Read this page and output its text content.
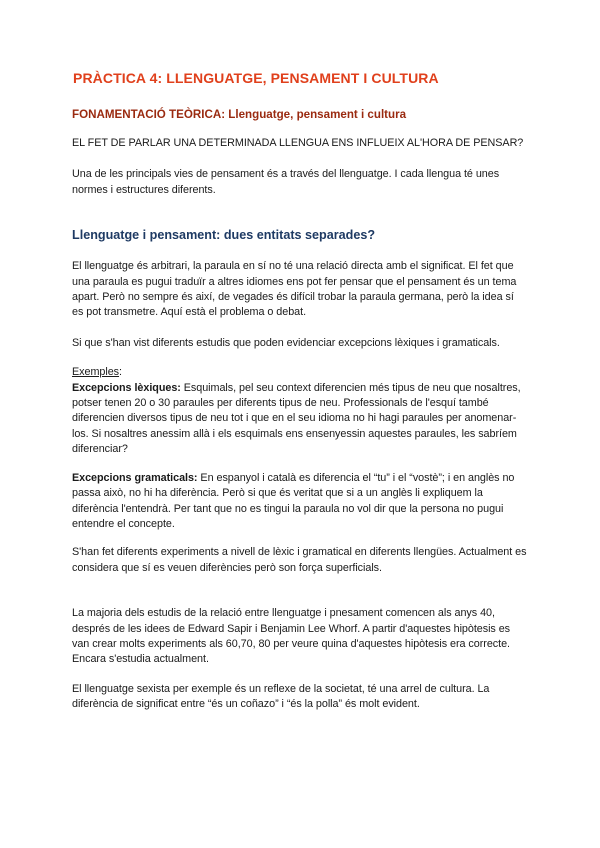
PRÀCTICA 4: LLENGUATGE, PENSAMENT I CULTURA
FONAMENTACIÓ TEÒRICA: Llenguatge, pensament i cultura

EL FET DE PARLAR UNA DETERMINADA LLENGUA ENS INFLUEIX AL'HORA DE PENSAR?

Una de les principals vies de pensament és a través del llenguatge. I cada llengua té unes normes i estructures diferents.

Llenguatge i pensament: dues entitats separades?

El llenguatge és arbitrari, la paraula en sí no té una relació directa amb el significat. El fet que una paraula es pugui traduïr a altres idiomes ens pot fer pensar que el pensament és un tema apart. Però no sempre és així, de vegades és difícil trobar la paraula germana, però la idea sí es pot transmetre. Aquí està el problema o debat.

Si que s'han vist diferents estudis que poden evidenciar excepcions lèxiques i gramaticals.

Exemples:

Excepcions lèxiques: Esquimals, pel seu context diferencien més tipus de neu que nosaltres, potser tenen 20 o 30 paraules per diferents tipus de neu. Professionals de l'esquí també diferencien diversos tipus de neu tot i que en el seu idioma no hi hagi paraules per anomenar-los. Si nosaltres anessim allà i els esquimals ens ensenyessin aquestes paraules, les sabríem diferenciar?

Excepcions gramaticals: En espanyol i català es diferencia el “tu” i el “vostè”; i en anglès no passa això, no hi ha diferència. Però si que és veritat que si a un anglès li expliquem la diferència l'entendrà. Per tant que no es tingui la paraula no vol dir que la persona no pugui entendre el concepte.

S'han fet diferents experiments a nivell de lèxic i gramatical en diferents llengües. Actualment es considera que sí es veuen diferències però son força superficials.

La majoria dels estudis de la relació entre llenguatge i pnesament comencen als anys 40, després de les idees de Edward Sapir i Benjamin Lee Whorf. A partir d'aquestes hipòtesis es van crear molts experiments als 60,70, 80 per veure quina d'aquestes hipòtesis era correcte. Encara s'estudia actualment.

El llenguatge sexista per exemple és un reflexe de la societat, té una arrel de cultura. La diferència de significat entre “és un coñazo” i “és la polla” és molt evident.
